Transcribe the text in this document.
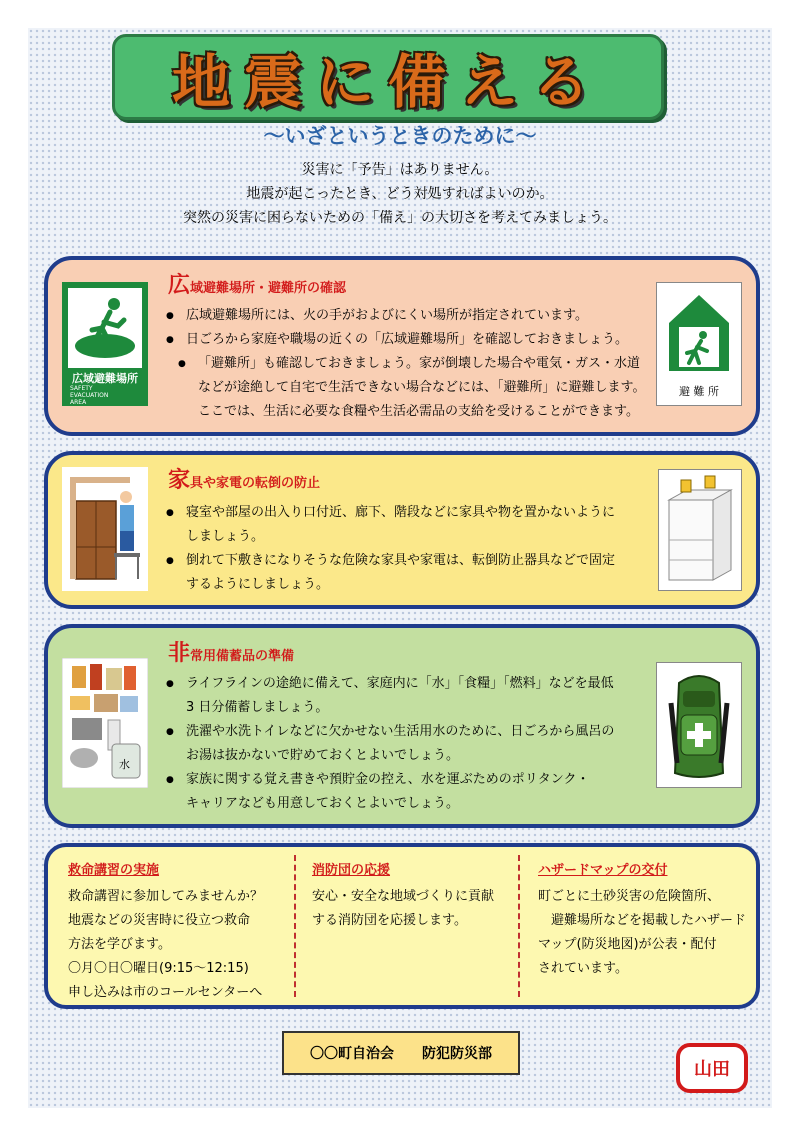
地震に備える
〜いざというときのために〜
災害に「予告」はありません。
地震が起こったとき、どう対処すればよいのか。
突然の災害に困らないための「備え」の大切さを考えてみましょう。
広域避難場所・避難所の確認
広域避難場所
SAFETY
EVACUATION
AREA
● 広域避難場所には、火の手がおよびにくい場所が指定されています。
● 日ごろから家庭や職場の近くの「広域避難場所」を確認しておきましょう。
● 「避難所」も確認しておきましょう。家が倒壊した場合や電気・ガス・水道
などが途絶して自宅で生活できない場合などには、「避難所」に避難します。
ここでは、生活に必要な食糧や生活必需品の支給を受けることができます。
避 難 所
家具や家電の転倒の防止
● 寝室や部屋の出入り口付近、廊下、階段などに家具や物を置かないように
しましょう。
● 倒れて下敷きになりそうな危険な家具や家電は、転倒防止器具などで固定
するようにしましょう。
非常用備蓄品の準備
水
● ライフラインの途絶に備えて、家庭内に「水」「食糧」「燃料」などを最低
3 日分備蓄しましょう。
● 洗濯や水洗トイレなどに欠かせない生活用水のために、日ごろから風呂の
お湯は抜かないで貯めておくとよいでしょう。
● 家族に関する覚え書きや預貯金の控え、水を運ぶためのポリタンク・
キャリアなども用意しておくとよいでしょう。
救命講習の実施
救命講習に参加してみませんか？
地震などの災害時に役立つ救命
方法を学びます。
〇月〇日〇曜日(9:15〜12:15)
申し込みは市のコールセンターへ
消防団の応援
安心・安全な地域づくりに貢献
する消防団を応援します。
ハザードマップの交付
町ごとに土砂災害の危険箇所、
　避難場所などを掲載したハザード
マップ(防災地図)が公表・配付
されています。
〇〇町自治会　　防犯防災部
山田
